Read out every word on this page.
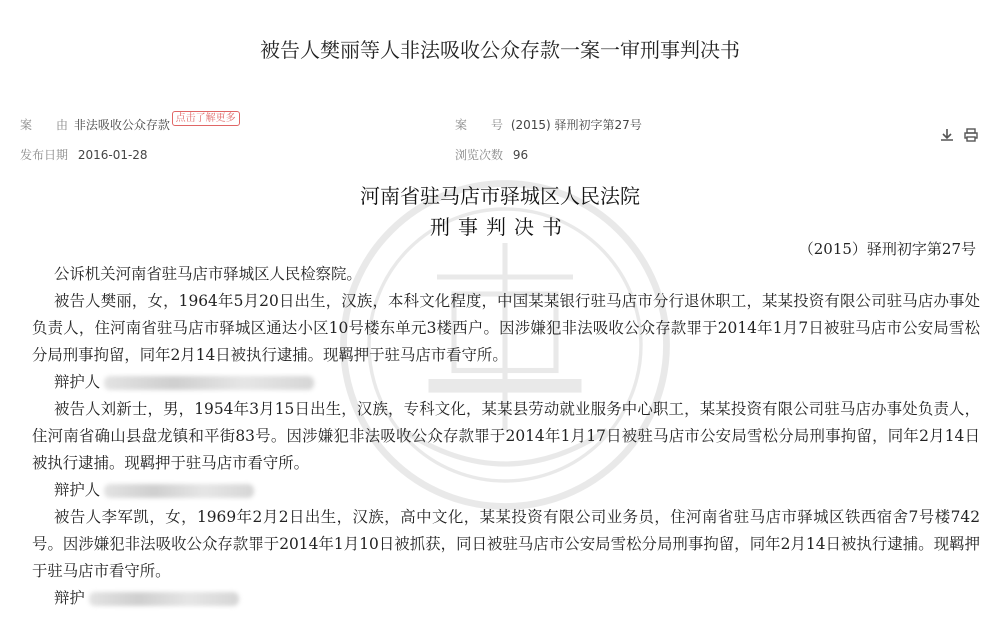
被告人樊丽等人非法吸收公众存款一案一审刑事判决书
案　　由 非法吸收公众存款 点击了解更多	案　　号 (2015) 驿刑初字第27号
发布日期 2016-01-28	浏览次数 96

河南省驻马店市驿城区人民法院
刑事判决书
（2015）驿刑初字第27号

公诉机关河南省驻马店市驿城区人民检察院。

被告人樊丽，女，1964年5月20日出生，汉族，本科文化程度，中国某某银行驻马店市分行退休职工，某某投资有限公司驻马店办事处负责人，住河南省驻马店市驿城区通达小区10号楼东单元3楼西户。因涉嫌犯非法吸收公众存款罪于2014年1月7日被驻马店市公安局雪松分局刑事拘留，同年2月14日被执行逮捕。现羁押于驻马店市看守所。

辩护人

被告人刘新士，男，1954年3月15日出生，汉族，专科文化，某某县劳动就业服务中心职工，某某投资有限公司驻马店办事处负责人，住河南省确山县盘龙镇和平街83号。因涉嫌犯非法吸收公众存款罪于2014年1月17日被驻马店市公安局雪松分局刑事拘留，同年2月14日被执行逮捕。现羁押于驻马店市看守所。

辩护人

被告人李军凯，女，1969年2月2日出生，汉族，高中文化，某某投资有限公司业务员，住河南省驻马店市驿城区铁西宿舍7号楼742号。因涉嫌犯非法吸收公众存款罪于2014年1月10日被抓获，同日被驻马店市公安局雪松分局刑事拘留，同年2月14日被执行逮捕。现羁押于驻马店市看守所。

辩护
